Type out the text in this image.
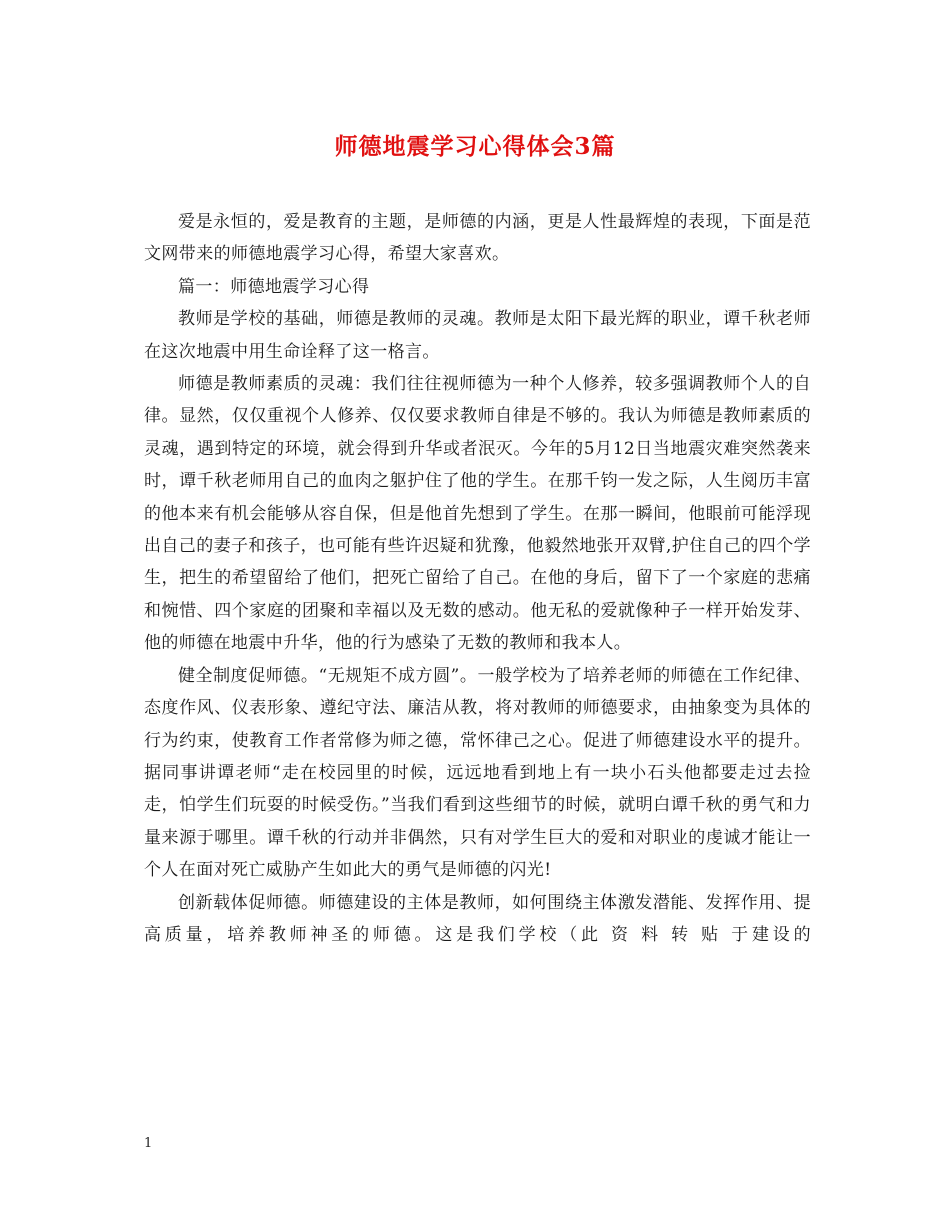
师德地震学习心得体会3篇

爱是永恒的，爱是教育的主题，是师德的内涵，更是人性最辉煌的表现，下面是范文网带来的师德地震学习心得，希望大家喜欢。

篇一：师德地震学习心得

教师是学校的基础，师德是教师的灵魂。教师是太阳下最光辉的职业，谭千秋老师在这次地震中用生命诠释了这一格言。

师德是教师素质的灵魂：我们往往视师德为一种个人修养，较多强调教师个人的自律。显然，仅仅重视个人修养、仅仅要求教师自律是不够的。我认为师德是教师素质的灵魂，遇到特定的环境，就会得到升华或者泯灭。今年的5月12日当地震灾难突然袭来时，谭千秋老师用自己的血肉之躯护住了他的学生。在那千钧一发之际，人生阅历丰富的他本来有机会能够从容自保，但是他首先想到了学生。在那一瞬间，他眼前可能浮现出自己的妻子和孩子，也可能有些许迟疑和犹豫，他毅然地张开双臂,护住自己的四个学生，把生的希望留给了他们，把死亡留给了自己。在他的身后，留下了一个家庭的悲痛和惋惜、四个家庭的团聚和幸福以及无数的感动。他无私的爱就像种子一样开始发芽、他的师德在地震中升华，他的行为感染了无数的教师和我本人。

健全制度促师德。“无规矩不成方圆”。一般学校为了培养老师的师德在工作纪律、态度作风、仪表形象、遵纪守法、廉洁从教，将对教师的师德要求，由抽象变为具体的行为约束，使教育工作者常修为师之德，常怀律己之心。促进了师德建设水平的提升。据同事讲谭老师“走在校园里的时候，远远地看到地上有一块小石头他都要走过去捡走，怕学生们玩耍的时候受伤。”当我们看到这些细节的时候，就明白谭千秋的勇气和力量来源于哪里。谭千秋的行动并非偶然，只有对学生巨大的爱和对职业的虔诚才能让一个人在面对死亡威胁产生如此大的勇气是师德的闪光!

创新载体促师德。师德建设的主体是教师，如何围绕主体激发潜能、发挥作用、提高质量，培养教师神圣的师德。这是我们学校（此 资 料 转 贴 于建设的

1
